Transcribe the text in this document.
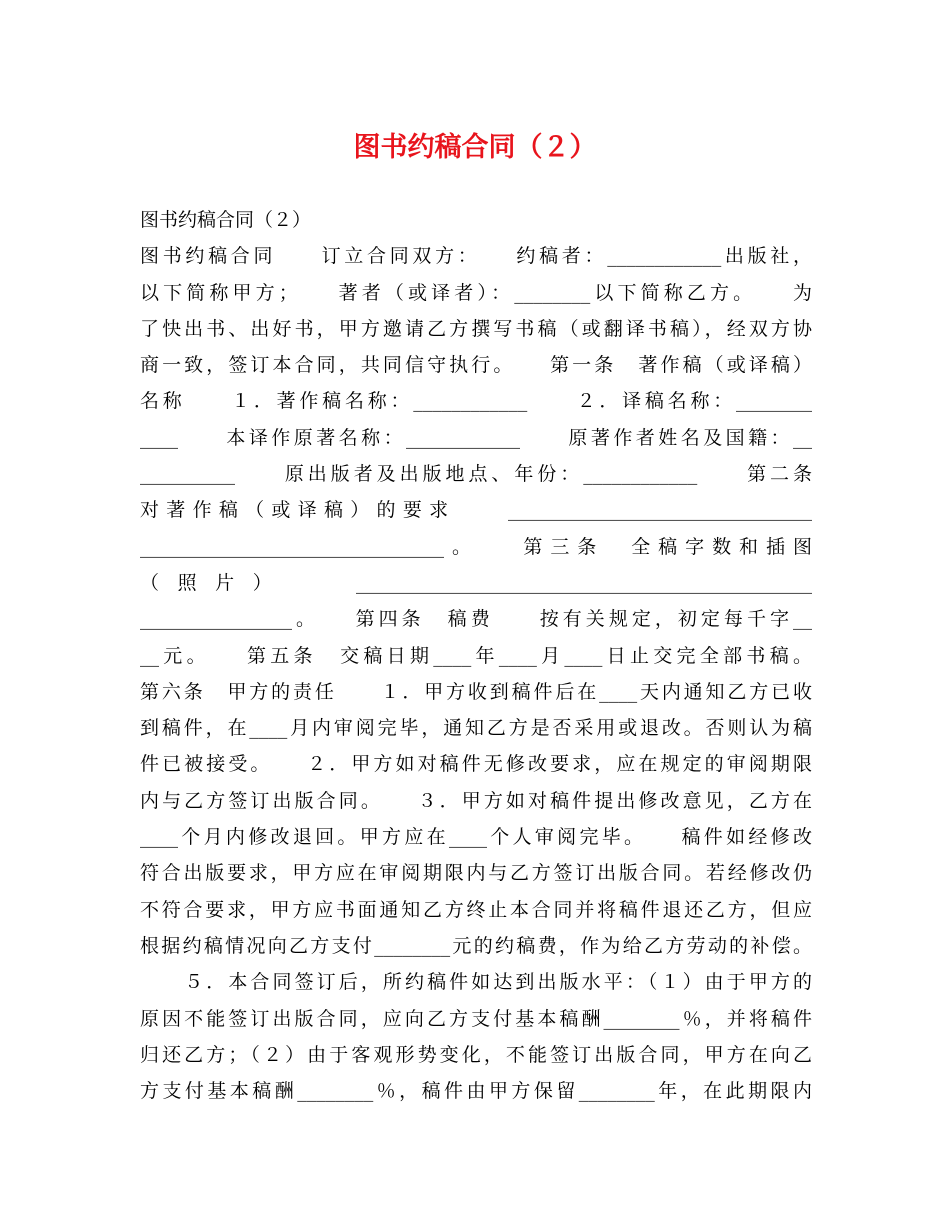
图书约稿合同（２）
图书约稿合同（２）
图书约稿合同　　订立合同双方：　　约稿者：____________出版社，
以下简称甲方；　　著者（或译者）：________以下简称乙方。　　为
了快出书、出好书，甲方邀请乙方撰写书稿（或翻译书稿），经双方协
商一致，签订本合同，共同信守执行。　　第一条　著作稿（或译稿）
名称　　１．著作稿名称：____________　　２．译稿名称：________
____　　本译作原著名称：____________　　原著作者姓名及国籍：__
__________　　原出版者及出版地点、年份：____________　　第二条
对著作稿（或译稿）的要求　　________________________________
________________________________。　　第三条　全稿字数和插图
（照片）　　________________________________________________
________________。　　第四条　稿费　　按有关规定，初定每千字__
__元。　　第五条　交稿日期____年____月____日止交完全部书稿。
第六条　甲方的责任　　１．甲方收到稿件后在____天内通知乙方已收
到稿件，在____月内审阅完毕，通知乙方是否采用或退改。否则认为稿
件已被接受。　　２．甲方如对稿件无修改要求，应在规定的审阅期限
内与乙方签订出版合同。　　３．甲方如对稿件提出修改意见，乙方在
____个月内修改退回。甲方应在____个人审阅完毕。　　稿件如经修改
符合出版要求，甲方应在审阅期限内与乙方签订出版合同。若经修改仍
不符合要求，甲方应书面通知乙方终止本合同并将稿件退还乙方，但应
根据约稿情况向乙方支付________元的约稿费，作为给乙方劳动的补偿。
　　５．本合同签订后，所约稿件如达到出版水平：（１）由于甲方的
原因不能签订出版合同，应向乙方支付基本稿酬________％，并将稿件
归还乙方；（２）由于客观形势变化，不能签订出版合同，甲方在向乙
方支付基本稿酬________％，稿件由甲方保留________年，在此期限内
